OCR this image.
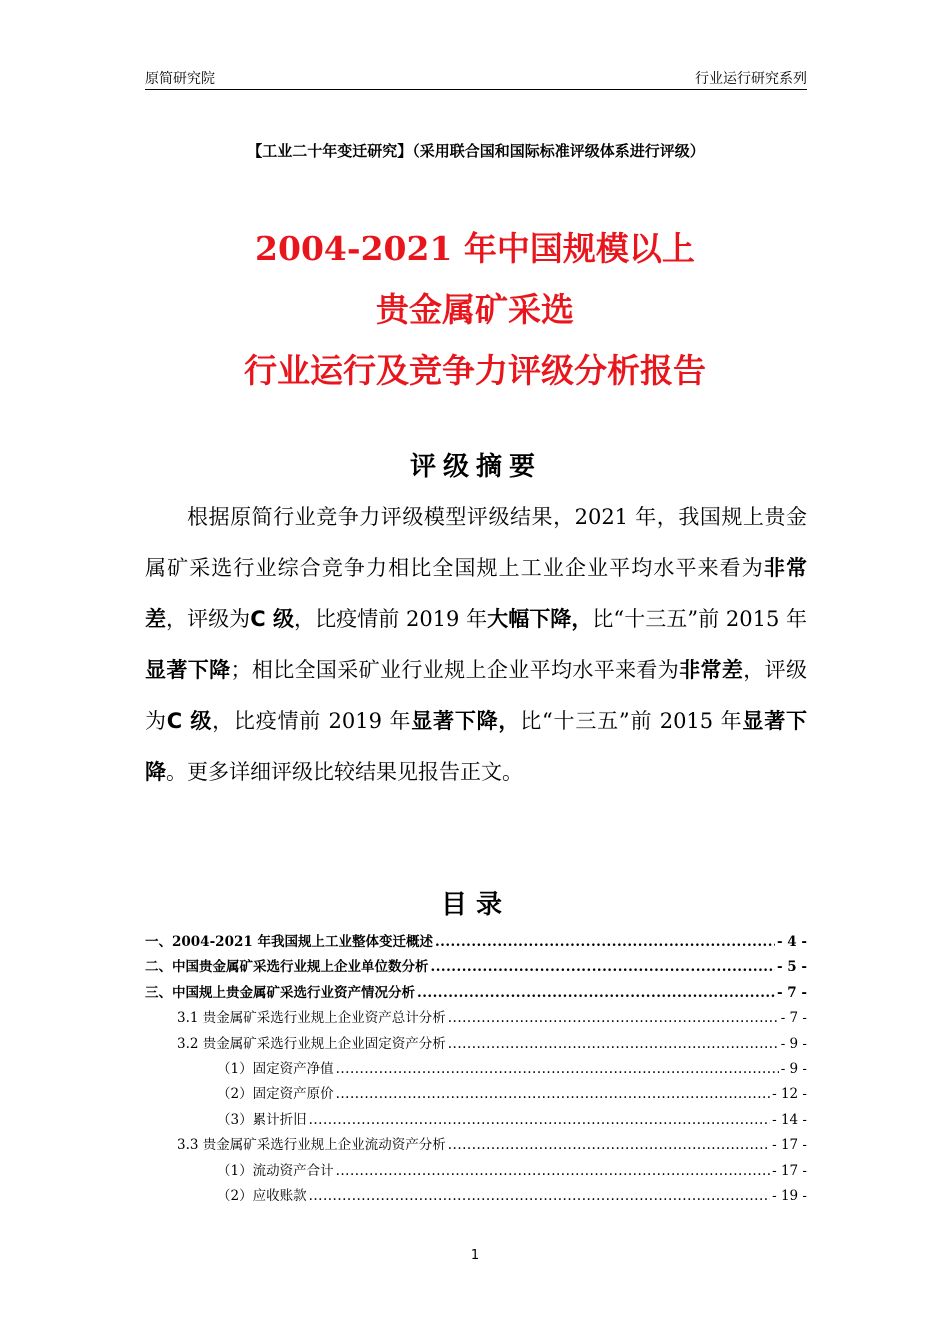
原简研究院	行业运行研究系列
【工业二十年变迁研究】（采用联合国和国际标准评级体系进行评级）
2004-2021 年中国规模以上
贵金属矿采选
行业运行及竞争力评级分析报告
评级摘要
根据原简行业竞争力评级模型评级结果，2021 年，我国规上贵金属矿采选行业综合竞争力相比全国规上工业企业平均水平来看为非常差，评级为C 级，比疫情前 2019 年大幅下降，比“十三五”前 2015 年显著下降；相比全国采矿业行业规上企业平均水平来看为非常差，评级为C 级，比疫情前 2019 年显著下降，比“十三五”前 2015 年显著下降。更多详细评级比较结果见报告正文。
目录
一、2004-2021 年我国规上工业整体变迁概述 .....	- 4 -
二、中国贵金属矿采选行业规上企业单位数分析 .....	- 5 -
三、中国规上贵金属矿采选行业资产情况分析 .....	- 7 -
3.1 贵金属矿采选行业规上企业资产总计分析 .....	- 7 -
3.2 贵金属矿采选行业规上企业固定资产分析 .....	- 9 -
（1）固定资产净值 .....	- 9 -
（2）固定资产原价 .....	- 12 -
（3）累计折旧 .....	- 14 -
3.3 贵金属矿采选行业规上企业流动资产分析 .....	- 17 -
（1）流动资产合计 .....	- 17 -
（2）应收账款 .....	- 19 -
1
